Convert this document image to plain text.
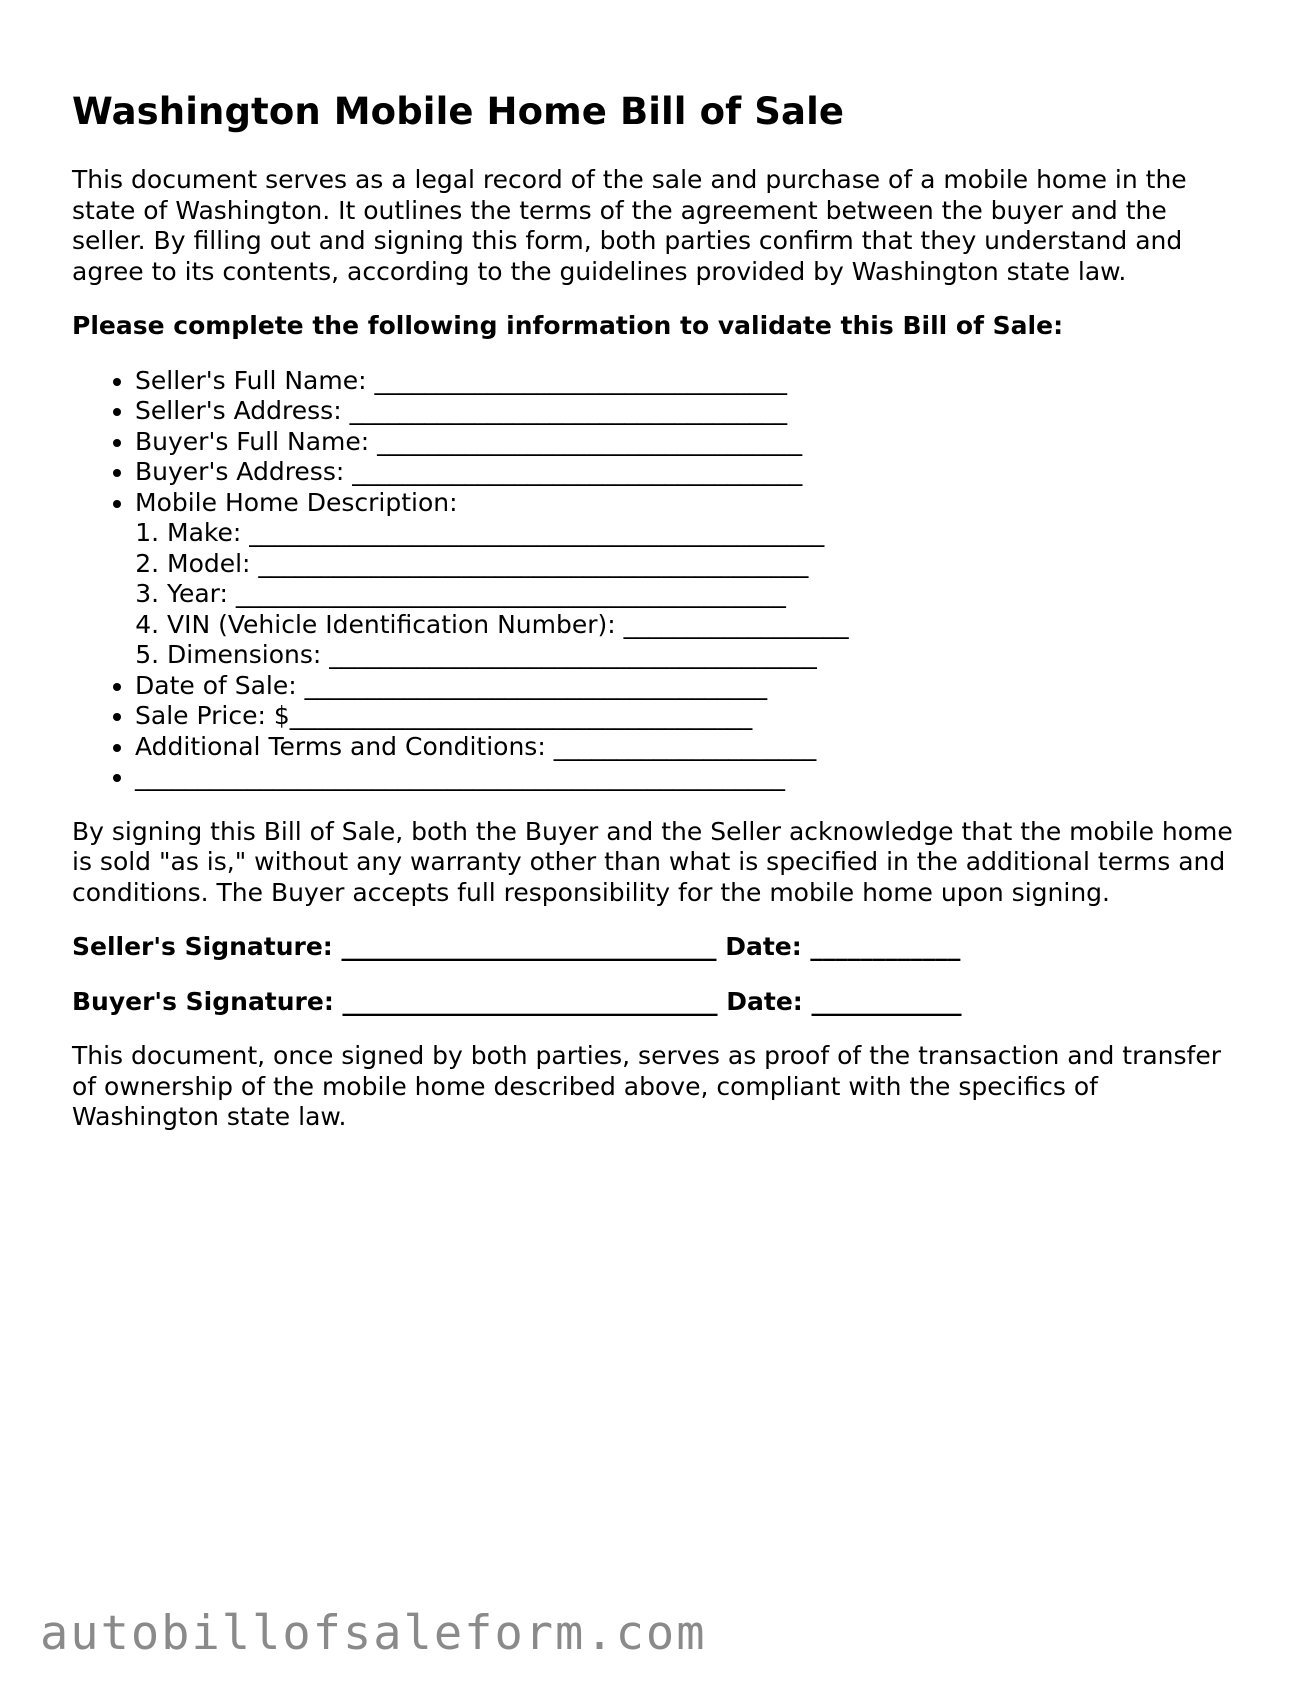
Washington Mobile Home Bill of Sale

This document serves as a legal record of the sale and purchase of a mobile home in the state of Washington. It outlines the terms of the agreement between the buyer and the seller. By filling out and signing this form, both parties confirm that they understand and agree to its contents, according to the guidelines provided by Washington state law.

Please complete the following information to validate this Bill of Sale:

• Seller's Full Name: _________________________________
• Seller's Address: ___________________________________
• Buyer's Full Name: __________________________________
• Buyer's Address: ____________________________________
• Mobile Home Description:
1. Make: ______________________________________________
2. Model: ____________________________________________
3. Year: ____________________________________________
4. VIN (Vehicle Identification Number): __________________
5. Dimensions: _______________________________________
• Date of Sale: _____________________________________
• Sale Price: $_____________________________________
• Additional Terms and Conditions: _____________________
• ____________________________________________________

By signing this Bill of Sale, both the Buyer and the Seller acknowledge that the mobile home is sold "as is," without any warranty other than what is specified in the additional terms and conditions. The Buyer accepts full responsibility for the mobile home upon signing.

Seller's Signature: ______________________________ Date: ____________

Buyer's Signature: ______________________________ Date: ____________

This document, once signed by both parties, serves as proof of the transaction and transfer of ownership of the mobile home described above, compliant with the specifics of Washington state law.

autobillofsaleform.com
